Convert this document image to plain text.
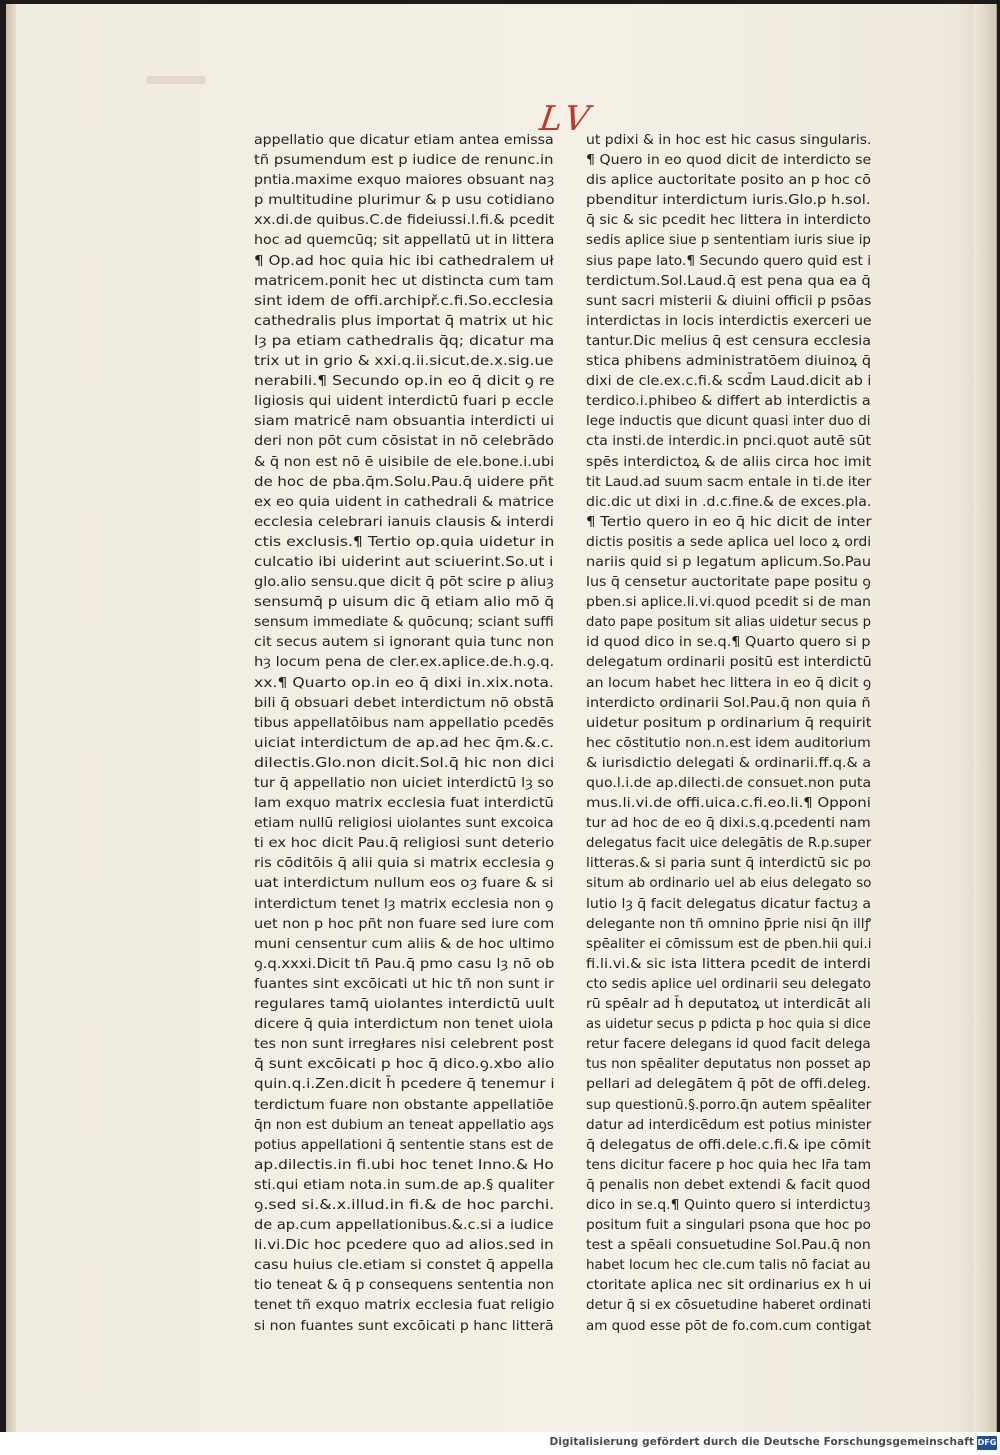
LV
appellatio que dicatur etiam antea emissa
tñ psumendum est p iudice de renunc.in
pntia.maxime exquo maiores obsuant naȝ
p multitudine plurimur & p usu cotidiano
xx.di.de quibus.C.de fideiussi.l.fi.& pcedit
hoc ad quemcūq; sit appellatū ut in littera
¶ Op.ad hoc quia hic ibi cathedralem uł
matricem.ponit hec ut distincta cum tam
sint idem de offi.archipř.c.fi.So.ecclesia
cathedralis plus importat q̄ matrix ut hic
lȝ pa etiam cathedralis q̄q; dicatur ma
trix ut in grio & xxi.q.ii.sicut.de.x.sig.ue
nerabili.¶ Secundo op.in eo q̄ dicit ꝯ re
ligiosis qui uident interdictū fuari p eccle
siam matricē nam obsuantia interdicti ui
deri non pōt cum cōsistat in nō celebrādo
& q̄ non est nō ē uisibile de ele.bone.i.ubi
de hoc de pba.q̄m.Solu.Pau.q̄ uidere pñt
ex eo quia uident in cathedrali & matrice
ecclesia celebrari ianuis clausis & interdi
ctis exclusis.¶ Tertio op.quia uidetur in
culcatio ibi uiderint aut sciuerint.So.ut i
glo.alio sensu.que dicit q̄ pōt scire p aliuȝ
sensumq̄ p uisum dic q̄ etiam alio mō q̄
sensum immediate & quōcunq; sciant suffi
cit secus autem si ignorant quia tunc non
hȝ locum pena de cler.ex.aplice.de.h.ꝯ.q.
xx.¶ Quarto op.in eo q̄ dixi in.xix.nota.
bili q̄ obsuari debet interdictum nō obstā
tibus appellatōibus nam appellatio pcedēs
uiciat interdictum de ap.ad hec q̄m.&.c.
dilectis.Glo.non dicit.Sol.q̄ hic non dici
tur q̄ appellatio non uiciet interdictū lȝ so
lam exquo matrix ecclesia fuat interdictū
etiam nullū religiosi uiolantes sunt excoica
ti ex hoc dicit Pau.q̄ religiosi sunt deterio
ris cōditōis q̄ alii quia si matrix ecclesia ꝯ
uat interdictum nullum eos oȝ fuare & si
interdictum tenet lȝ matrix ecclesia non ꝯ
uet non p hoc pñt non fuare sed iure com
muni censentur cum aliis & de hoc ultimo
ꝯ.q.xxxi.Dicit tñ Pau.q̄ pmo casu lȝ nō ob
fuantes sint excōicati ut hic tñ non sunt ir
regulares tamq̄ uiolantes interdictū uult
dicere q̄ quia interdictum non tenet uiola
tes non sunt irregłares nisi celebrent post
q̄ sunt excōicati p hoc q̄ dico.ꝯ.xbo alio
quin.q.i.Zen.dicit h̄ pcedere q̄ tenemur i
terdictum fuare non obstante appellatiōe
q̄n non est dubium an teneat appellatio aꝯs
potius appellationi q̄ sententie stans est de
ap.dilectis.in fi.ubi hoc tenet Inno.& Ho
sti.qui etiam nota.in sum.de ap.§ qualiter
ꝯ.sed si.&.x.illud.in fi.& de hoc parchi.
de ap.cum appellationibus.&.c.si a iudice
li.vi.Dic hoc pcedere quo ad alios.sed in
casu huius cle.etiam si constet q̄ appella
tio teneat & q̄ p consequens sententia non
tenet tñ exquo matrix ecclesia fuat religio
si non fuantes sunt excōicati p hanc litterā
ut pdixi & in hoc est hic casus singularis.
¶ Quero in eo quod dicit de interdicto se
dis aplice auctoritate posito an p hoc cō
pbenditur interdictum iuris.Glo.p h.sol.
q̄ sic & sic pcedit hec littera in interdicto
sedis aplice siue p sententiam iuris siue ip
sius pape lato.¶ Secundo quero quid est i
terdictum.Sol.Laud.q̄ est pena qua ea q̄
sunt sacri misterii & diuini officii p psōas
interdictas in locis interdictis exerceri ue
tantur.Dic melius q̄ est censura ecclesia
stica phibens administratōem diuinoꝝ q̄
dixi de cle.ex.c.fi.& scd̄m Laud.dicit ab i
terdico.i.phibeo & differt ab interdictis a
lege inductis que dicunt quasi inter duo di
cta insti.de interdic.in pnci.quot autē sūt
spēs interdictoꝝ & de aliis circa hoc imit
tit Laud.ad suum sacm entale in ti.de iter
dic.dic ut dixi in .d.c.fine.& de exces.pla.
¶ Tertio quero in eo q̄ hic dicit de inter
dictis positis a sede aplica uel loco ꝝ ordi
nariis quid si p legatum aplicum.So.Pau
lus q̄ censetur auctoritate pape positu ꝯ
pben.si aplice.li.vi.quod pcedit si de man
dato pape positum sit alias uidetur secus p
id quod dico in se.q.¶ Quarto quero si p
delegatum ordinarii positū est interdictū
an locum habet hec littera in eo q̄ dicit ꝯ
interdicto ordinarii Sol.Pau.q̄ non quia ñ
uidetur positum p ordinarium q̄ requirit
hec cōstitutio non.n.est idem auditorium
& iurisdictio delegati & ordinarii.ff.q.& a
quo.l.i.de ap.dilecti.de consuet.non puta
mus.li.vi.de offi.uica.c.fi.eo.li.¶ Opponi
tur ad hoc de eo q̄ dixi.s.q.pcedenti nam
delegatus facit uice delegātis de R.p.super
litteras.& si paria sunt q̄ interdictū sic po
situm ab ordinario uel ab eius delegato so
lutio lȝ q̄ facit delegatus dicatur factuȝ a
delegante non tñ omnino p̄prie nisi q̄n illꝭ
spēaliter ei cōmissum est de pben.hii qui.i
fi.li.vi.& sic ista littera pcedit de interdi
cto sedis aplice uel ordinarii seu delegato
rū spēalr ad h̄ deputatoꝝ ut interdicāt ali
as uidetur secus p pdicta p hoc quia si dice
retur facere delegans id quod facit delega
tus non spēaliter deputatus non posset ap
pellari ad delegātem q̄ pōt de offi.deleg.
sup questionū.§.porro.q̄n autem spēaliter
datur ad interdicēdum est potius minister
q̄ delegatus de offi.dele.c.fi.& ipe cōmit
tens dicitur facere p hoc quia hec lr̄a tam
q̄ penalis non debet extendi & facit quod
dico in se.q.¶ Quinto quero si interdictuȝ
positum fuit a singulari psona que hoc po
test a spēali consuetudine Sol.Pau.q̄ non
habet locum hec cle.cum talis nō faciat au
ctoritate aplica nec sit ordinarius ex h ui
detur q̄ si ex cōsuetudine haberet ordinati
am quod esse pōt de fo.com.cum contigat
Digitalisierung gefördert durch die Deutsche Forschungsgemeinschaft DFG
